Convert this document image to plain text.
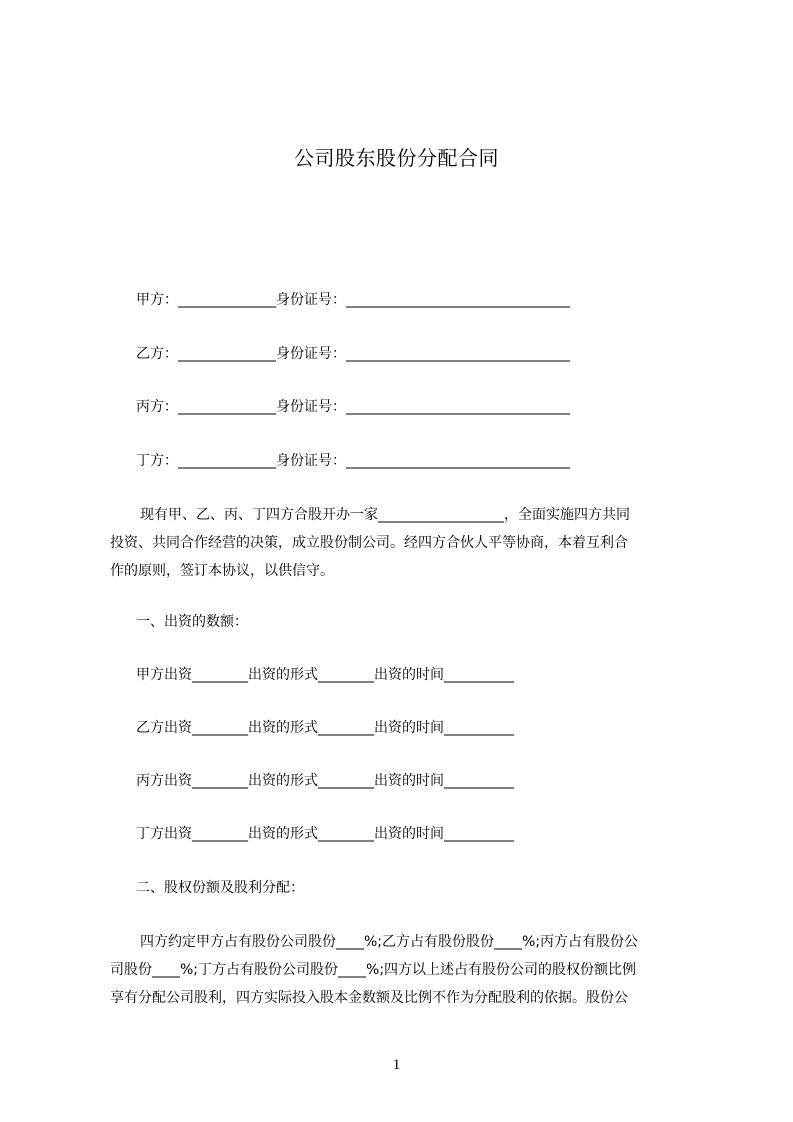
公司股东股份分配合同
甲方：______________身份证号：________________________________
乙方：______________身份证号：________________________________
丙方：______________身份证号：________________________________
丁方：______________身份证号：________________________________
现有甲、乙、丙、丁四方合股开办一家__________________，全面实施四方共同
投资、共同合作经营的决策，成立股份制公司。经四方合伙人平等协商，本着互利合
作的原则，签订本协议，以供信守。
一、出资的数额：
甲方出资________出资的形式________出资的时间__________
乙方出资________出资的形式________出资的时间__________
丙方出资________出资的形式________出资的时间__________
丁方出资________出资的形式________出资的时间__________
二、股权份额及股利分配：
四方约定甲方占有股份公司股份____%;乙方占有股份股份____%;丙方占有股份公
司股份____%;丁方占有股份公司股份____%;四方以上述占有股份公司的股权份额比例
享有分配公司股利，四方实际投入股本金数额及比例不作为分配股利的依据。股份公
1
